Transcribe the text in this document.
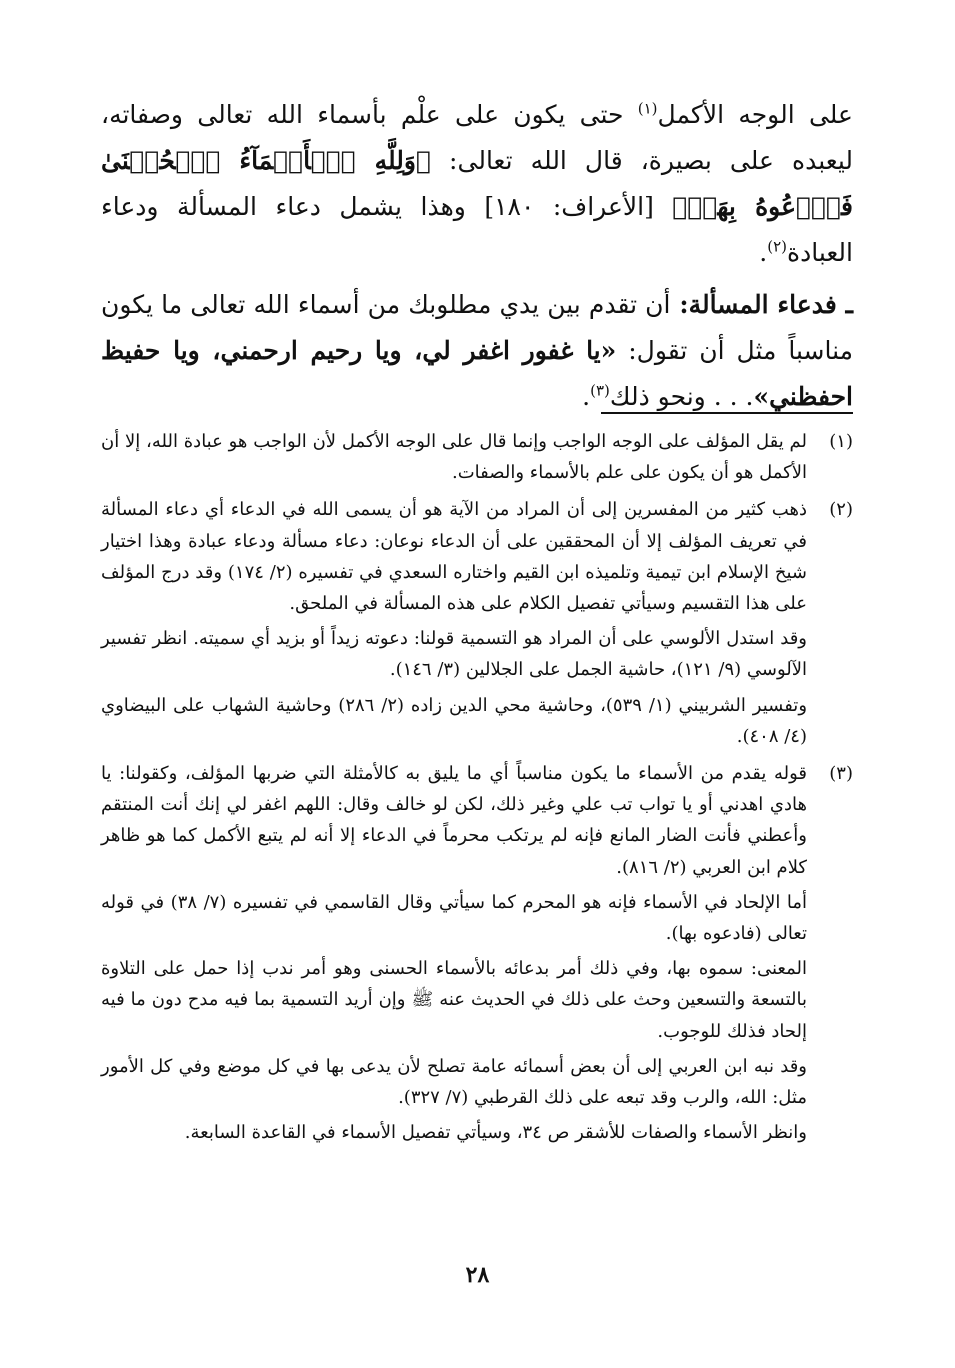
على الوجه الأكمل$^{(١)}$ حتى يكون على علْم بأسماء الله تعالى وصفاته، ليعبده على بصيرة، قال الله تعالى: ﴿وَلِلَّهِ ٱلۡأَسۡمَآءُ ٱلۡحُسۡنَىٰ فَٱدۡعُوهُ بِهَاۖ﴾ [الأعراف: ١٨٠] وهذا يشمل دعاء المسألة ودعاء العبادة$^{(٢)}$.

ـ فدعاء المسألة: أن تقدم بين يدي مطلوبك من أسماء الله تعالى ما يكون مناسباً مثل أن تقول: «يا غفور اغفر لي، ويا رحيم ارحمني، ويا حفيظ احفظني». . . ونحو ذلك$^{(٣)}$.

(١)

لم يقل المؤلف على الوجه الواجب وإنما قال على الوجه الأكمل لأن الواجب هو عبادة الله، إلا أن الأكمل هو أن يكون على علم بالأسماء والصفات.

(٢)

ذهب كثير من المفسرين إلى أن المراد من الآية هو أن يسمى الله في الدعاء أي دعاء المسألة في تعريف المؤلف إلا أن المحققين على أن الدعاء نوعان: دعاء مسألة ودعاء عبادة وهذا اختيار شيخ الإسلام ابن تيمية وتلميذه ابن القيم واختاره السعدي في تفسيره (٢/ ١٧٤) وقد درج المؤلف على هذا التقسيم وسيأتي تفصيل الكلام على هذه المسألة في الملحق.

وقد استدل الألوسي على أن المراد هو التسمية قولنا: دعوته زيداً أو بزيد أي سميته. انظر تفسير الآلوسي (٩/ ١٢١)، حاشية الجمل على الجلالين (٣/ ١٤٦).

وتفسير الشربيني (١/ ٥٣٩)، وحاشية محي الدين زاده (٢/ ٢٨٦) وحاشية الشهاب على البيضاوي (٤/ ٤٠٨).

(٣)

قوله يقدم من الأسماء ما يكون مناسباً أي ما يليق به كالأمثلة التي ضربها المؤلف، وكقولنا: يا هادي اهدني أو يا تواب تب علي وغير ذلك، لكن لو خالف وقال: اللهم اغفر لي إنك أنت المنتقم وأعطني فأنت الضار المانع فإنه لم يرتكب محرماً في الدعاء إلا أنه لم يتبع الأكمل كما هو ظاهر كلام ابن العربي (٢/ ٨١٦).

أما الإلحاد في الأسماء فإنه هو المحرم كما سيأتي وقال القاسمي في تفسيره (٧/ ٣٨) في قوله تعالى (فادعوه بها).

المعنى: سموه بها، وفي ذلك أمر بدعائه بالأسماء الحسنى وهو أمر ندب إذا حمل على التلاوة بالتسعة والتسعين وحث على ذلك في الحديث عنه ﷺ وإن أريد التسمية بما فيه مدح دون ما فيه إلحاد فذلك للوجوب.

وقد نبه ابن العربي إلى أن بعض أسمائه عامة تصلح لأن يدعى بها في كل موضع وفي كل الأمور مثل: الله، والرب وقد تبعه على ذلك القرطبي (٧/ ٣٢٧).

وانظر الأسماء والصفات للأشقر ص ٣٤، وسيأتي تفصيل الأسماء في القاعدة السابعة.

٢٨
